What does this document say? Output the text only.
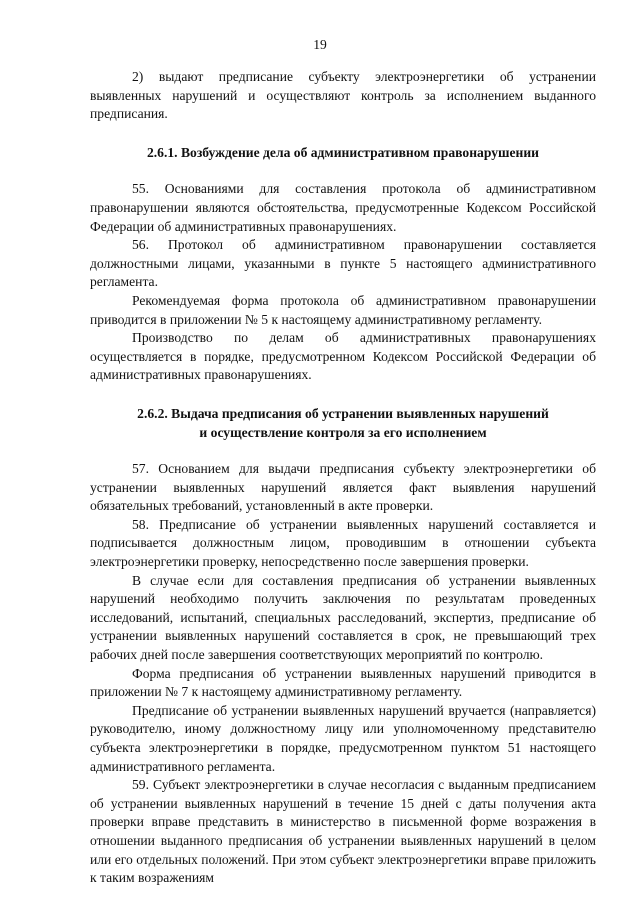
19

2) выдают предписание субъекту электроэнергетики об устранении выявленных нарушений и осуществляют контроль за исполнением выданного предписания.

2.6.1. Возбуждение дела об административном правонарушении

55. Основаниями для составления протокола об административном правонарушении являются обстоятельства, предусмотренные Кодексом Российской Федерации об административных правонарушениях.

56. Протокол об административном правонарушении составляется должностными лицами, указанными в пункте 5 настоящего административного регламента.

Рекомендуемая форма протокола об административном правонарушении приводится в приложении № 5 к настоящему административному регламенту.

Производство по делам об административных правонарушениях осуществляется в порядке, предусмотренном Кодексом Российской Федерации об административных правонарушениях.

2.6.2. Выдача предписания об устранении выявленных нарушений
и осуществление контроля за его исполнением

57. Основанием для выдачи предписания субъекту электроэнергетики об устранении выявленных нарушений является факт выявления нарушений обязательных требований, установленный в акте проверки.

58. Предписание об устранении выявленных нарушений составляется и подписывается должностным лицом, проводившим в отношении субъекта электроэнергетики проверку, непосредственно после завершения проверки.

В случае если для составления предписания об устранении выявленных нарушений необходимо получить заключения по результатам проведенных исследований, испытаний, специальных расследований, экспертиз, предписание об устранении выявленных нарушений составляется в срок, не превышающий трех рабочих дней после завершения соответствующих мероприятий по контролю.

Форма предписания об устранении выявленных нарушений приводится в приложении № 7 к настоящему административному регламенту.

Предписание об устранении выявленных нарушений вручается (направляется) руководителю, иному должностному лицу или уполномоченному представителю субъекта электроэнергетики в порядке, предусмотренном пунктом 51 настоящего административного регламента.

59. Субъект электроэнергетики в случае несогласия с выданным предписанием об устранении выявленных нарушений в течение 15 дней с даты получения акта проверки вправе представить в министерство в письменной форме возражения в отношении выданного предписания об устранении выявленных нарушений в целом или его отдельных положений. При этом субъект электроэнергетики вправе приложить к таким возражениям
